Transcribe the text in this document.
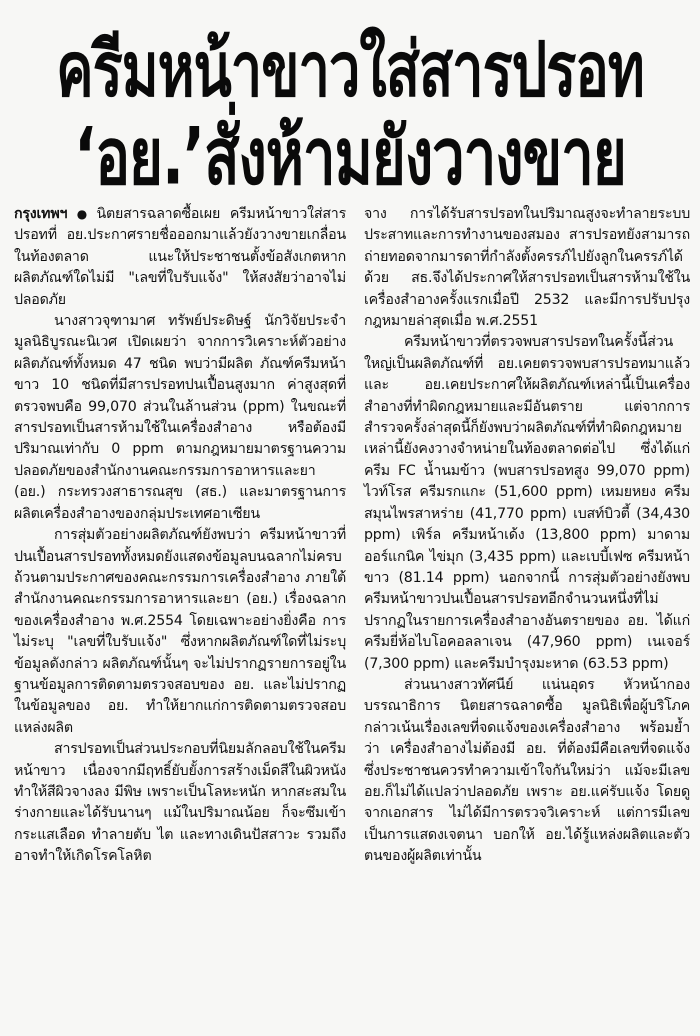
ครีมหน้าขาวใส่สารปรอท
‘อย.’สั่งห้ามยังวางขาย

กรุงเทพฯ ● นิตยสารฉลาดซื้อเผย ครีมหน้าขาวใส่สารปรอทที่ อย.ประกาศรายชื่อออกมาแล้วยังวางขายเกลื่อนในท้องตลาด แนะให้ประชาชนตั้งข้อสังเกตหากผลิตภัณฑ์ใดไม่มี "เลขที่ใบรับแจ้ง" ให้สงสัยว่าอาจไม่ปลอดภัย

นางสาวจุฑามาศ ทรัพย์ประดิษฐ์ นักวิจัยประจำมูลนิธิบูรณะนิเวศ เปิดเผยว่า จากการวิเคราะห์ตัวอย่างผลิตภัณฑ์ทั้งหมด 47 ชนิด พบว่ามีผลิต ภัณฑ์ครีมหน้าขาว 10 ชนิดที่มีสารปรอทปนเปื้อนสูงมาก ค่าสูงสุดที่ตรวจพบคือ 99,070 ส่วนในล้านส่วน (ppm) ในขณะที่สารปรอทเป็นสารห้ามใช้ในเครื่องสำอาง หรือต้องมีปริมาณเท่ากับ 0 ppm ตามกฎหมายมาตรฐานความปลอดภัยของสำนักงานคณะกรรมการอาหารและยา (อย.) กระทรวงสาธารณสุข (สธ.) และมาตรฐานการผลิตเครื่องสำอางของกลุ่มประเทศอาเซียน

การสุ่มตัวอย่างผลิตภัณฑ์ยังพบว่า ครีมหน้าขาวที่ปนเปื้อนสารปรอททั้งหมดยังแสดงข้อมูลบนฉลากไม่ครบถ้วนตามประกาศของคณะกรรมการเครื่องสำอาง ภายใต้สำนักงานคณะกรรมการอาหารและยา (อย.) เรื่องฉลากของเครื่องสำอาง พ.ศ.2554 โดยเฉพาะอย่างยิ่งคือ การไม่ระบุ "เลขที่ใบรับแจ้ง" ซึ่งหากผลิตภัณฑ์ใดที่ไม่ระบุข้อมูลดังกล่าว ผลิตภัณฑ์นั้นๆ จะไม่ปรากฏรายการอยู่ในฐานข้อมูลการติดตามตรวจสอบของ อย. และไม่ปรากฏในข้อมูลของ อย. ทำให้ยากแก่การติดตามตรวจสอบแหล่งผลิต

สารปรอทเป็นส่วนประกอบที่นิยมลักลอบใช้ในครีมหน้าขาว เนื่องจากมีฤทธิ์ยับยั้งการสร้างเม็ดสีในผิวหนัง ทำให้สีผิวจางลง มีพิษ เพราะเป็นโลหะหนัก หากสะสมในร่างกายและได้รับนานๆ แม้ในปริมาณน้อย ก็จะซึมเข้ากระแสเลือด ทำลายตับ ไต และทางเดินปัสสาวะ รวมถึงอาจทำให้เกิดโรคโลหิต

จาง การได้รับสารปรอทในปริมาณสูงจะทำลายระบบประสาทและการทำงานของสมอง สารปรอทยังสามารถถ่ายทอดจากมารดาที่กำลังตั้งครรภ์ไปยังลูกในครรภ์ได้ด้วย สธ.จึงได้ประกาศให้สารปรอทเป็นสารห้ามใช้ในเครื่องสำอางครั้งแรกเมื่อปี 2532 และมีการปรับปรุงกฎหมายล่าสุดเมื่อ พ.ศ.2551

ครีมหน้าขาวที่ตรวจพบสารปรอทในครั้งนี้ส่วนใหญ่เป็นผลิตภัณฑ์ที่ อย.เคยตรวจพบสารปรอทมาแล้ว และ อย.เคยประกาศให้ผลิตภัณฑ์เหล่านี้เป็นเครื่องสำอางที่ทำผิดกฎหมายและมีอันตราย แต่จากการสำรวจครั้งล่าสุดนี้ก็ยังพบว่าผลิตภัณฑ์ที่ทำผิดกฎหมายเหล่านี้ยังคงวางจำหน่ายในท้องตลาดต่อไป ซึ่งได้แก่ ครีม FC น้ำนมข้าว (พบสารปรอทสูง 99,070 ppm) ไวท์โรส ครีมรกแกะ (51,600 ppm) เหมยหยง ครีมสมุนไพรสาหร่าย (41,770 ppm) เบสท์บิวตี้ (34,430 ppm) เพิร์ล ครีมหน้าเด้ง (13,800 ppm) มาดาม ออร์แกนิค ไข่มุก (3,435 ppm) และเบบี้เฟซ ครีมหน้าขาว (81.14 ppm) นอกจากนี้ การสุ่มตัวอย่างยังพบครีมหน้าขาวปนเปื้อนสารปรอทอีกจำนวนหนึ่งที่ไม่ปรากฏในรายการเครื่องสำอางอันตรายของ อย. ได้แก่ ครีมยี่ห้อไบโอคอลลาเจน (47,960 ppm) เนเจอร์ (7,300 ppm) และครีมบำรุงมะหาด (63.53 ppm)

ส่วนนางสาวทัศนีย์ แน่นอุดร หัวหน้ากองบรรณาธิการ นิตยสารฉลาดซื้อ มูลนิธิเพื่อผู้บริโภค กล่าวเน้นเรื่องเลขที่จดแจ้งของเครื่องสำอาง พร้อมย้ำว่า เครื่องสำอางไม่ต้องมี อย. ที่ต้องมีคือเลขที่จดแจ้ง ซึ่งประชาชนควรทำความเข้าใจกันใหม่ว่า แม้จะมีเลข อย.ก็ไม่ได้แปลว่าปลอดภัย เพราะ อย.แค่รับแจ้ง โดยดูจากเอกสาร ไม่ได้มีการตรวจวิเคราะห์ แต่การมีเลขเป็นการแสดงเจตนา บอกให้ อย.ได้รู้แหล่งผลิตและตัวตนของผู้ผลิตเท่านั้น
